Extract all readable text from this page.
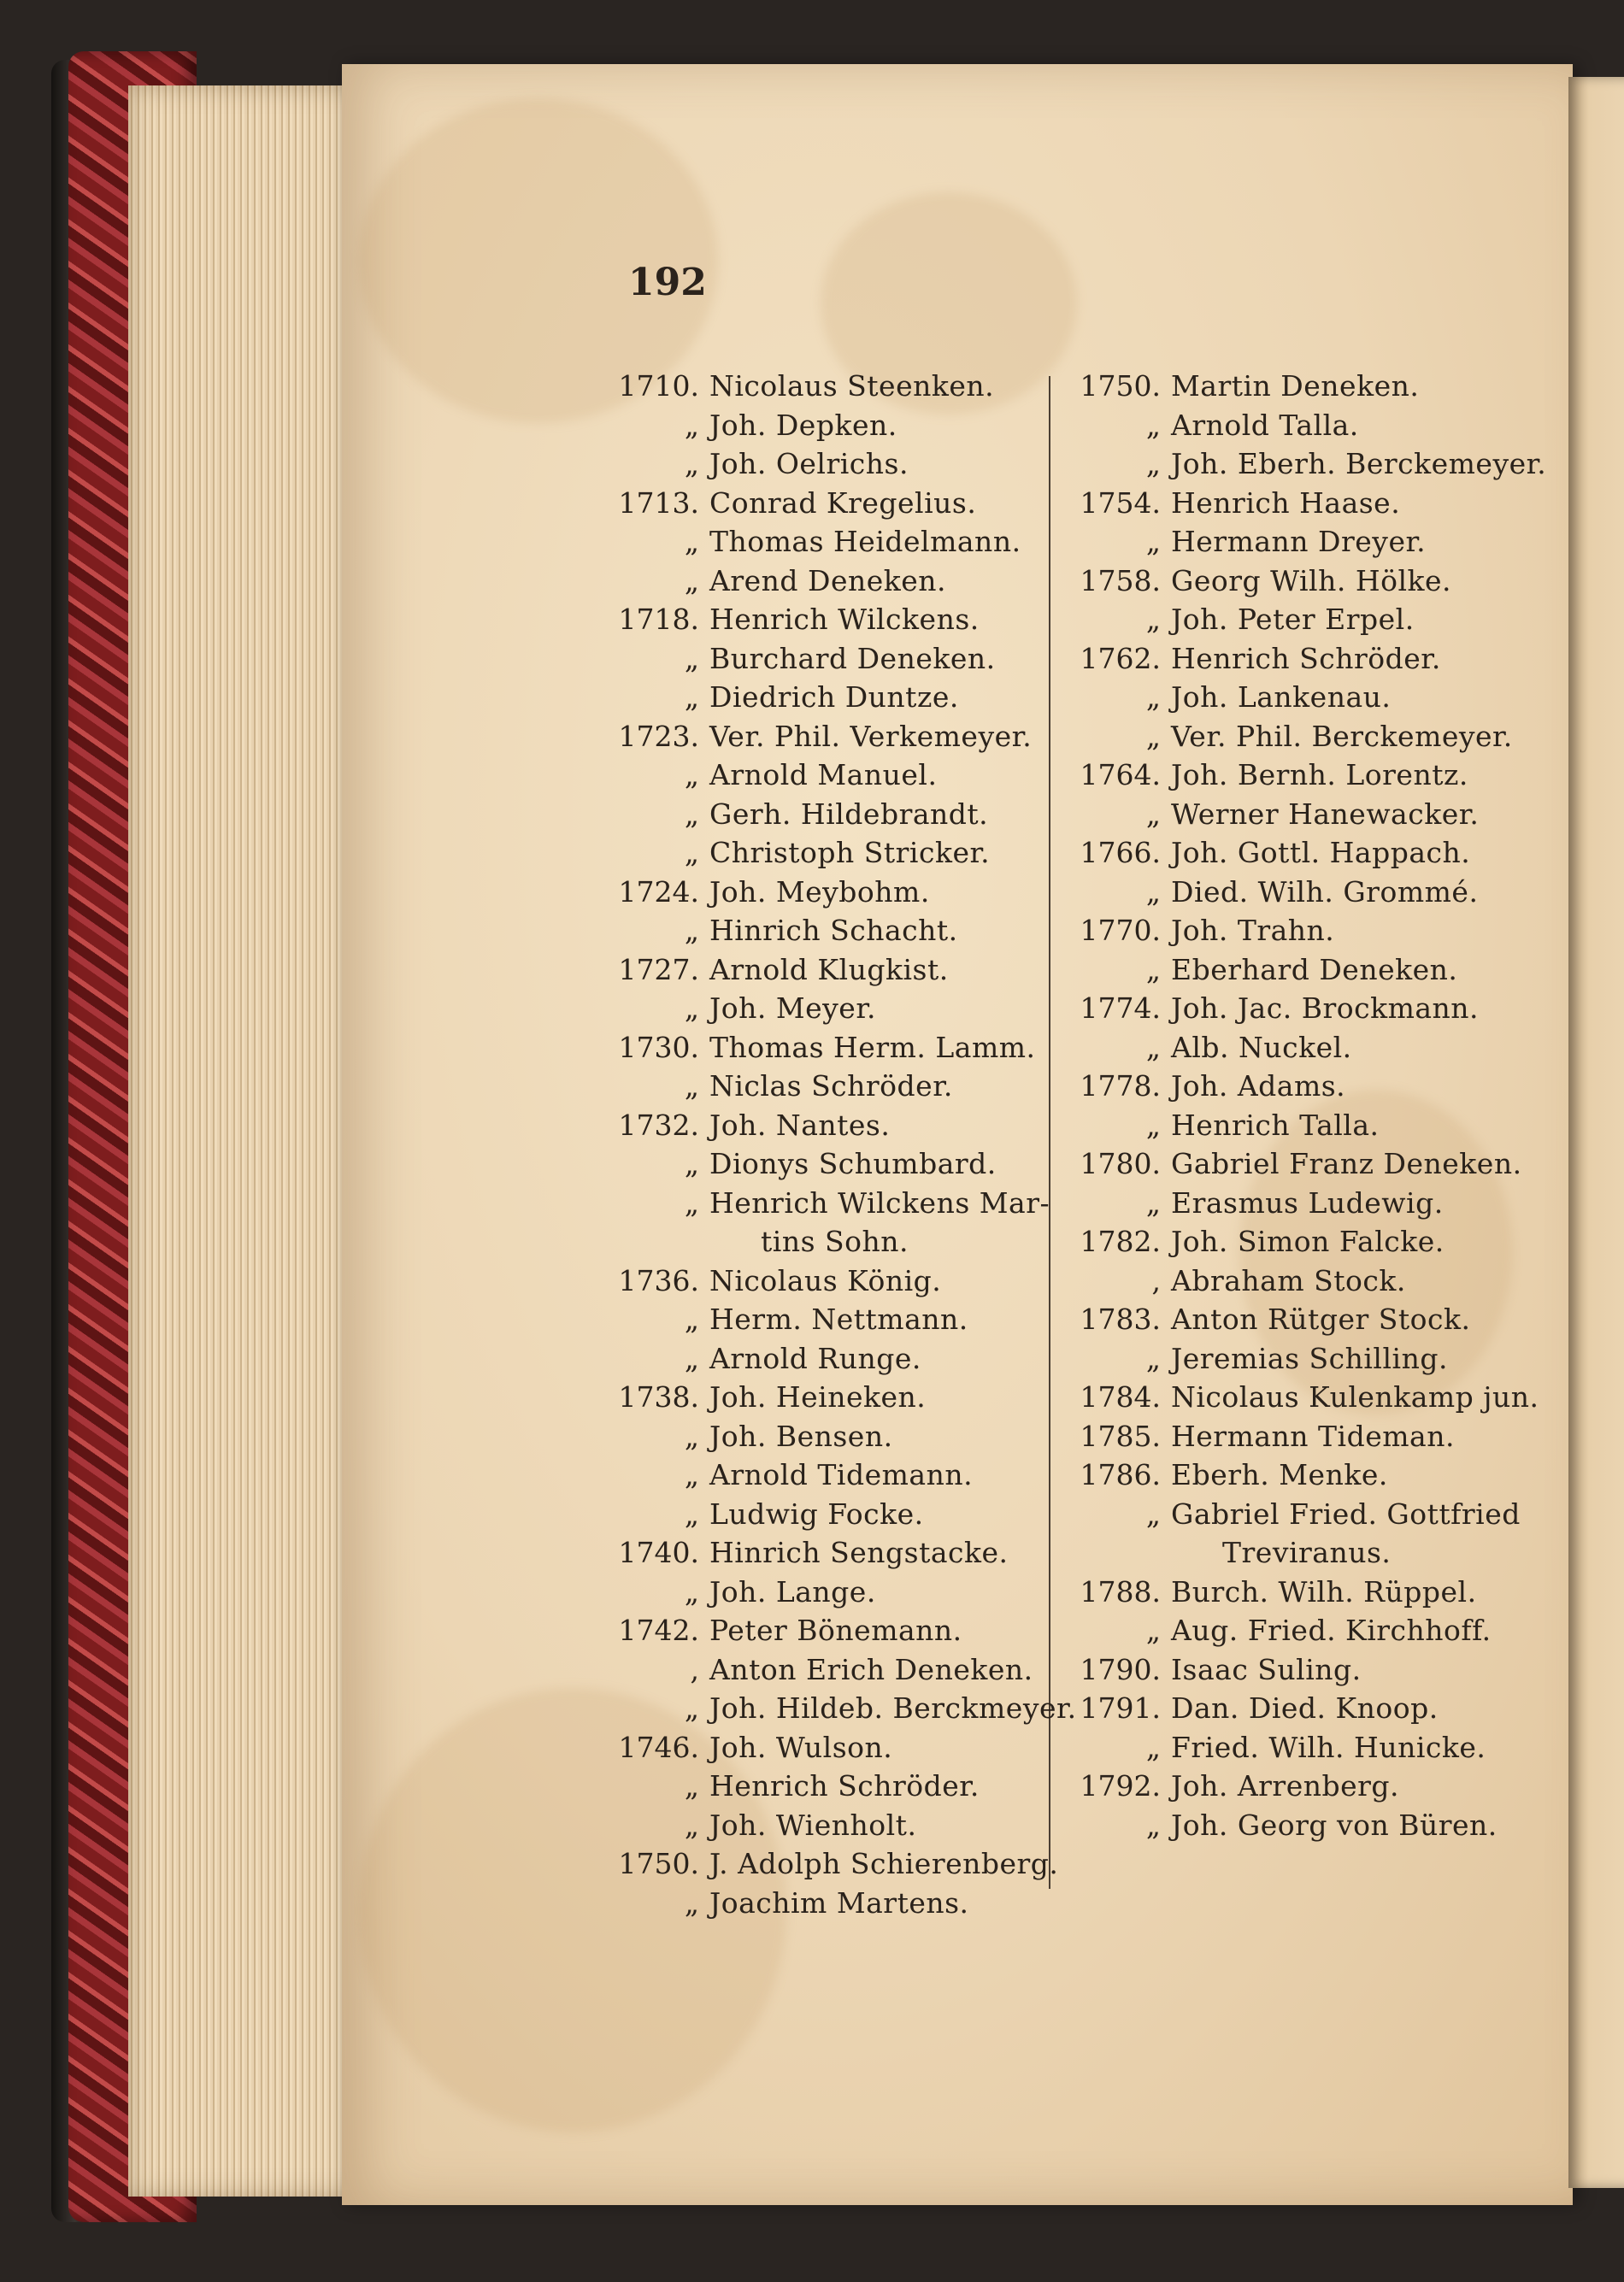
192
1710. Nicolaus Steenken.
„ Joh. Depken.
„ Joh. Oelrichs.
1713. Conrad Kregelius.
„ Thomas Heidelmann.
„ Arend Deneken.
1718. Henrich Wilckens.
„ Burchard Deneken.
„ Diedrich Duntze.
1723. Ver. Phil. Verkemeyer.
„ Arnold Manuel.
„ Gerh. Hildebrandt.
„ Christoph Stricker.
1724. Joh. Meybohm.
„ Hinrich Schacht.
1727. Arnold Klugkist.
„ Joh. Meyer.
1730. Thomas Herm. Lamm.
„ Niclas Schröder.
1732. Joh. Nantes.
„ Dionys Schumbard.
„ Henrich Wilckens Mar-
tins Sohn.
1736. Nicolaus König.
„ Herm. Nettmann.
„ Arnold Runge.
1738. Joh. Heineken.
„ Joh. Bensen.
„ Arnold Tidemann.
„ Ludwig Focke.
1740. Hinrich Sengstacke.
„ Joh. Lange.
1742. Peter Bönemann.
, Anton Erich Deneken.
„ Joh. Hildeb. Berckmeyer.
1746. Joh. Wulson.
„ Henrich Schröder.
„ Joh. Wienholt.
1750. J. Adolph Schierenberg.
„ Joachim Martens.
1750. Martin Deneken.
„ Arnold Talla.
„ Joh. Eberh. Berckemeyer.
1754. Henrich Haase.
„ Hermann Dreyer.
1758. Georg Wilh. Hölke.
„ Joh. Peter Erpel.
1762. Henrich Schröder.
„ Joh. Lankenau.
„ Ver. Phil. Berckemeyer.
1764. Joh. Bernh. Lorentz.
„ Werner Hanewacker.
1766. Joh. Gottl. Happach.
„ Died. Wilh. Grommé.
1770. Joh. Trahn.
„ Eberhard Deneken.
1774. Joh. Jac. Brockmann.
„ Alb. Nuckel.
1778. Joh. Adams.
„ Henrich Talla.
1780. Gabriel Franz Deneken.
„ Erasmus Ludewig.
1782. Joh. Simon Falcke.
, Abraham Stock.
1783. Anton Rütger Stock.
„ Jeremias Schilling.
1784. Nicolaus Kulenkamp jun.
1785. Hermann Tideman.
1786. Eberh. Menke.
„ Gabriel Fried. Gottfried
Treviranus.
1788. Burch. Wilh. Rüppel.
„ Aug. Fried. Kirchhoff.
1790. Isaac Suling.
1791. Dan. Died. Knoop.
„ Fried. Wilh. Hunicke.
1792. Joh. Arrenberg.
„ Joh. Georg von Büren.
